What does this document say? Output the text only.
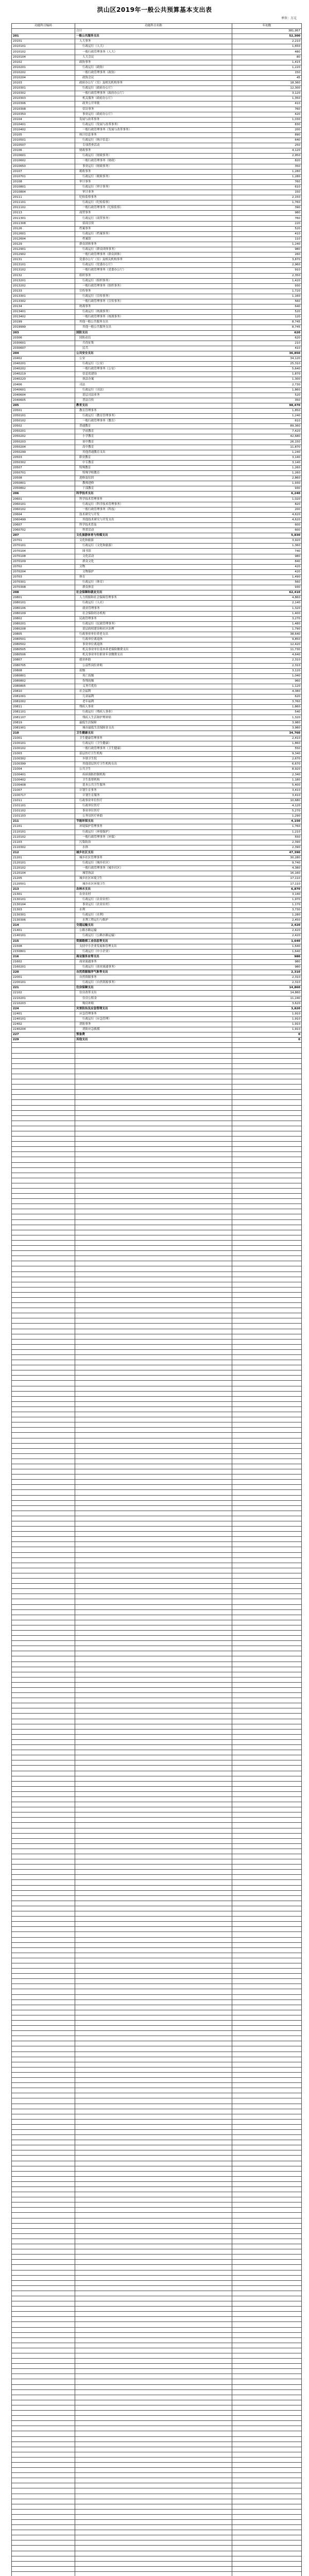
洪山区2019年一般公共预算基本支出表
单位：万元
功能科目编码	功能科目名称	年初数
	合计	381,957
201	一般公共服务支出	52,300
20101	人大事务	2,210
2010101	行政运行（人大）	1,650
2010102	一般行政管理事务（人大）	480
2010104	人大会议	80
20102	政协事务	1,415
2010201	行政运行（政协）	1,220
2010202	一般行政管理事务（政协）	150
2010204	政协会议	45
20103	政府办公厅（室）及相关机构事务	18,360
2010301	行政运行（政府办公厅）	12,300
2010302	一般行政管理事务（政府办公厅）	3,120
2010303	机关服务（政府办公厅）	1,350
2010306	政务公开审批	410
2010308	信访事务	760
2010350	事业运行（政府办公厅）	420
20104	发展与改革事务	1,030
2010401	行政运行（发展与改革事务）	830
2010402	一般行政管理事务（发展与改革事务）	200
20105	统计信息事务	890
2010501	行政运行（统计信息）	640
2010507	专项普查活动	250
20106	财政事务	4,120
2010601	行政运行（财政事务）	2,950
2010602	一般行政管理事务（财政）	820
2010650	事业运行（财政事务）	350
20107	税收事务	1,280
2010701	行政运行（税收事务）	1,280
20108	审计事务	760
2010801	行政运行（审计事务）	610
2010804	审计业务	150
20111	纪检监察事务	2,150
2011101	行政运行（纪检监察）	1,760
2011102	一般行政管理事务（纪检监察）	390
20113	商贸事务	980
2011301	行政运行（商贸事务）	760
2011308	招商引资	220
20126	档案事务	520
2012601	行政运行（档案事务）	410
2012604	档案馆	110
20129	群众团体事务	1,240
2012901	行政运行（群众团体事务）	980
2012902	一般行政管理事务（群众团体）	260
20131	党委办公厅（室）及相关机构事务	3,870
2013101	行政运行（党委办公厅）	2,960
2013102	一般行政管理事务（党委办公厅）	910
20132	组织事务	2,350
2013201	行政运行（组织事务）	1,420
2013202	一般行政管理事务（组织事务）	930
20133	宣传事务	1,720
2013301	行政运行（宣传事务）	1,160
2013302	一般行政管理事务（宣传事务）	560
20134	统战事务	640
2013401	行政运行（统战事务）	520
2013402	一般行政管理事务（统战事务）	120
20199	其他一般公共服务支出	8,745
2019999	其他一般公共服务支出	8,745
203	国防支出	620
20306	国防动员	620
2030601	兵役征集	210
2030607	民兵	410
204	公共安全支出	36,850
20402	公安	34,120
2040201	行政运行（公安）	25,310
2040202	一般行政管理事务（公安）	5,640
2040219	信息化建设	1,870
2040220	执法办案	1,300
20406	司法	2,730
2040601	行政运行（司法）	1,860
2040604	基层司法业务	520
2040605	普法宣传	350
205	教育支出	98,470
20501	教育管理事务	1,850
2050101	行政运行（教育管理事务）	1,240
2050102	一般行政管理事务（教育）	610
20502	普通教育	89,360
2050201	学前教育	7,420
2050202	小学教育	42,680
2050203	初中教育	26,150
2050204	高中教育	11,870
2050299	其他普通教育支出	1,240
20503	职业教育	3,140
2050302	中专教育	3,140
20507	特殊教育	1,260
2050701	特殊学校教育	1,260
20508	进修及培训	2,860
2050801	教师进修	1,930
2050802	干部教育	930
206	科学技术支出	6,240
20601	科学技术管理事务	1,020
2060101	行政运行（科学技术管理事务）	820
2060102	一般行政管理事务（科技）	200
20604	技术研究与开发	4,620
2060499	其他技术研究与开发支出	4,620
20607	科学技术普及	600
2060702	科普活动	600
207	文化旅游体育与传媒支出	5,830
20701	文化和旅游	3,920
2070101	行政运行（文化和旅游）	1,360
2070104	图书馆	740
2070108	文化活动	980
2070109	群众文化	840
20702	文物	420
2070204	文物保护	420
20703	体育	1,490
2070301	行政运行（体育）	560
2070308	群众体育	930
208	社会保障和就业支出	62,410
20801	人力资源和社会保障管理事务	4,860
2080101	行政运行（人社）	2,140
2080106	就业管理事务	1,320
2080109	社会保险经办机构	1,400
20802	民政管理事务	3,270
2080201	行政运行（民政管理事务）	1,480
2080208	基层政权建设和社区治理	1,790
20805	行政事业单位养老支出	38,640
2080501	行政单位离退休	9,850
2080502	事业单位离退休	12,420
2080505	机关事业单位基本养老保险缴费支出	11,730
2080506	机关事业单位职业年金缴费支出	4,640
20807	就业补助	2,310
2080705	公益性岗位补贴	2,310
20808	抚恤	3,120
2080801	死亡抚恤	1,040
2080802	伤残抚恤	960
2080805	义务兵优待	1,120
20810	社会福利	4,380
2081001	儿童福利	620
2081002	老年福利	3,760
20811	残疾人事业	1,860
2081101	行政运行（残疾人事业）	540
2081107	残疾人生活和护理补贴	1,320
20819	最低生活保障	3,980
2081901	城市最低生活保障金支出	3,980
210	卫生健康支出	34,760
21001	卫生健康管理事务	2,410
2100101	行政运行（卫生健康）	1,860
2100102	一般行政管理事务（卫生健康）	550
21003	基层医疗卫生机构	9,340
2100302	乡镇卫生院	2,670
2100399	其他基层医疗卫生机构支出	6,670
21004	公共卫生	8,920
2100401	疾病预防控制机构	2,340
2100402	卫生监督机构	1,180
2100408	基本公共卫生服务	5,400
21007	计划生育事务	3,410
2100717	计划生育服务	3,410
21011	行政事业单位医疗	10,680
2101101	行政单位医疗	4,120
2101102	事业单位医疗	5,270
2101103	公务员医疗补助	1,290
211	节能环保支出	4,150
21101	环境保护管理事务	1,760
2110101	行政运行（环境保护）	1,210
2110102	一般行政管理事务（环保）	550
21103	污染防治	2,390
2110302	水体	2,390
212	城乡社区支出	47,390
21201	城乡社区管理事务	30,280
2120101	行政运行（城乡社区）	9,740
2120102	一般行政管理事务（城乡社区）	4,380
2120104	城管执法	16,160
21205	城乡社区环境卫生	17,110
2120501	城乡社区环境卫生	17,110
213	农林水支出	6,870
21301	农业农村	3,140
2130101	行政运行（农业农村）	1,970
2130104	事业运行（农业农村）	1,170
21303	水利	3,730
2130301	行政运行（水利）	1,280
2130306	水利工程运行与维护	2,450
214	交通运输支出	2,420
21401	公路水路运输	2,420
2140101	行政运行（公路水路运输）	2,420
215	资源勘探工业信息等支出	1,640
21508	支持中小企业发展和管理支出	1,640
2150801	行政运行（中小企业）	1,640
216	商业服务业等支出	980
21602	商业流通事务	980
2160201	行政运行（商业流通事务）	980
220	自然资源海洋气象等支出	2,310
22001	自然资源事务	2,310
2200101	行政运行（自然资源事务）	2,310
221	住房保障支出	14,860
22102	住房改革支出	14,860
2210201	住房公积金	11,240
2210203	购房补贴	3,620
224	灾害防治及应急管理支出	3,820
22401	应急管理事务	1,910
2240101	行政运行（应急管理）	1,910
22402	消防事务	1,910
2240204	消防应急救援	1,910
227	预备费	0
229	其他支出	0
